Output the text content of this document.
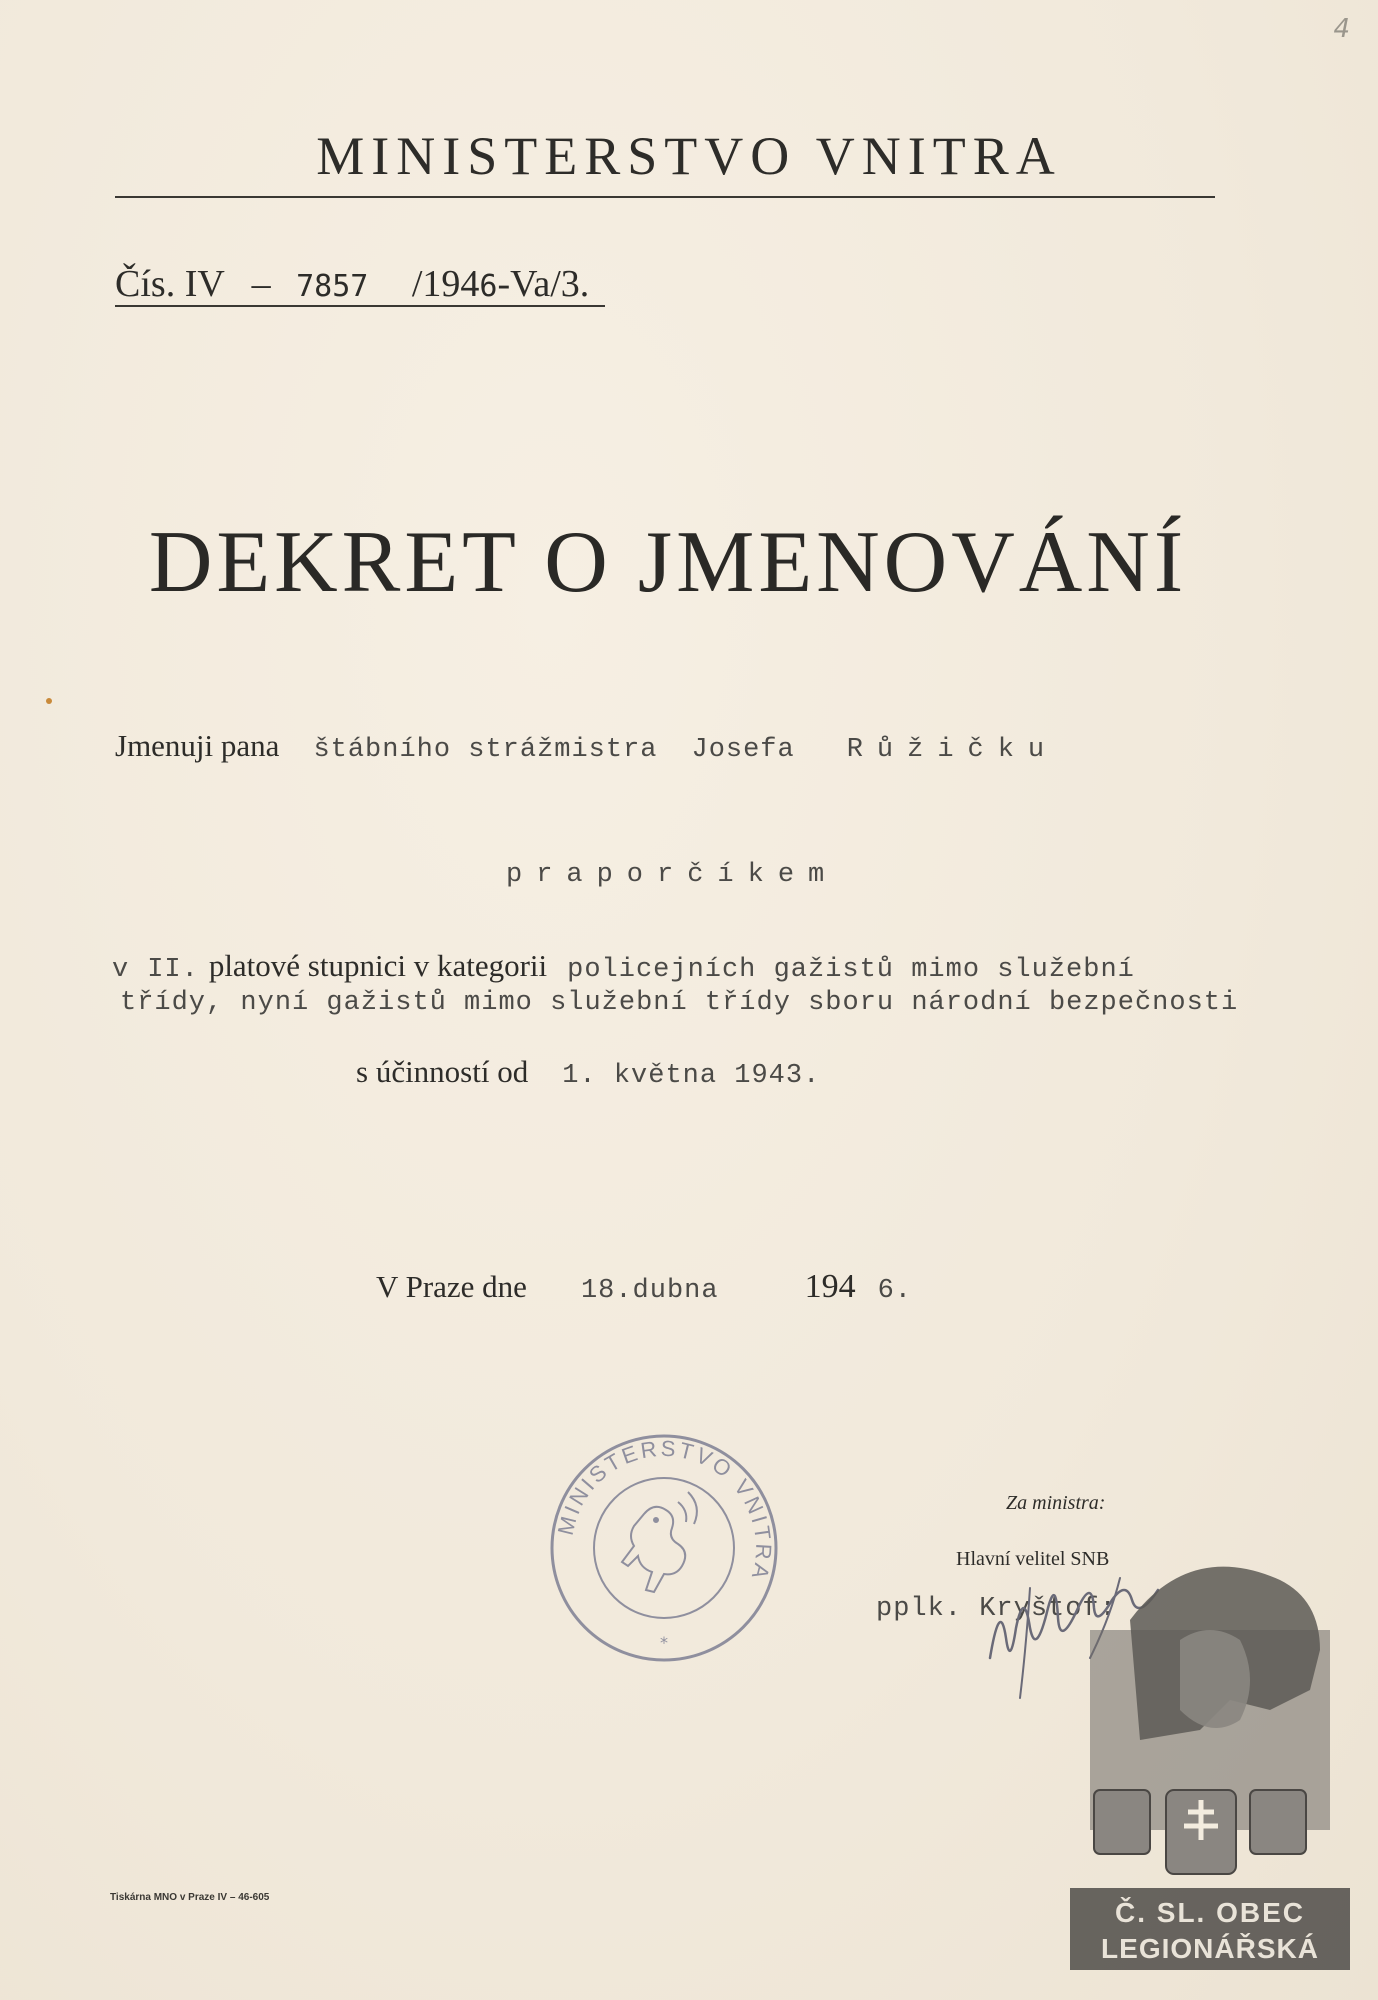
4
MINISTERSTVO VNITRA
Čís. IV – 7857 /1946-Va/3.
DEKRET O JMENOVÁNÍ
Jmenuji pana štábního strážmistra Josefa Růžičku
praporčíkem
v II. platové stupnici v kategorii policejních gažistů mimo služební
třídy, nyní gažistů mimo služební třídy sboru národní bezpečnosti
s účinností od 1. května 1943.
V Praze dne 18.dubna	194 6.
MINISTERSTVO VNITRA
*
Za ministra:
Hlavní velitel SNB
pplk. Kryštof:
Č. SL. OBEC
LEGIONÁŘSKÁ
Tiskárna MNO v Praze IV – 46-605
